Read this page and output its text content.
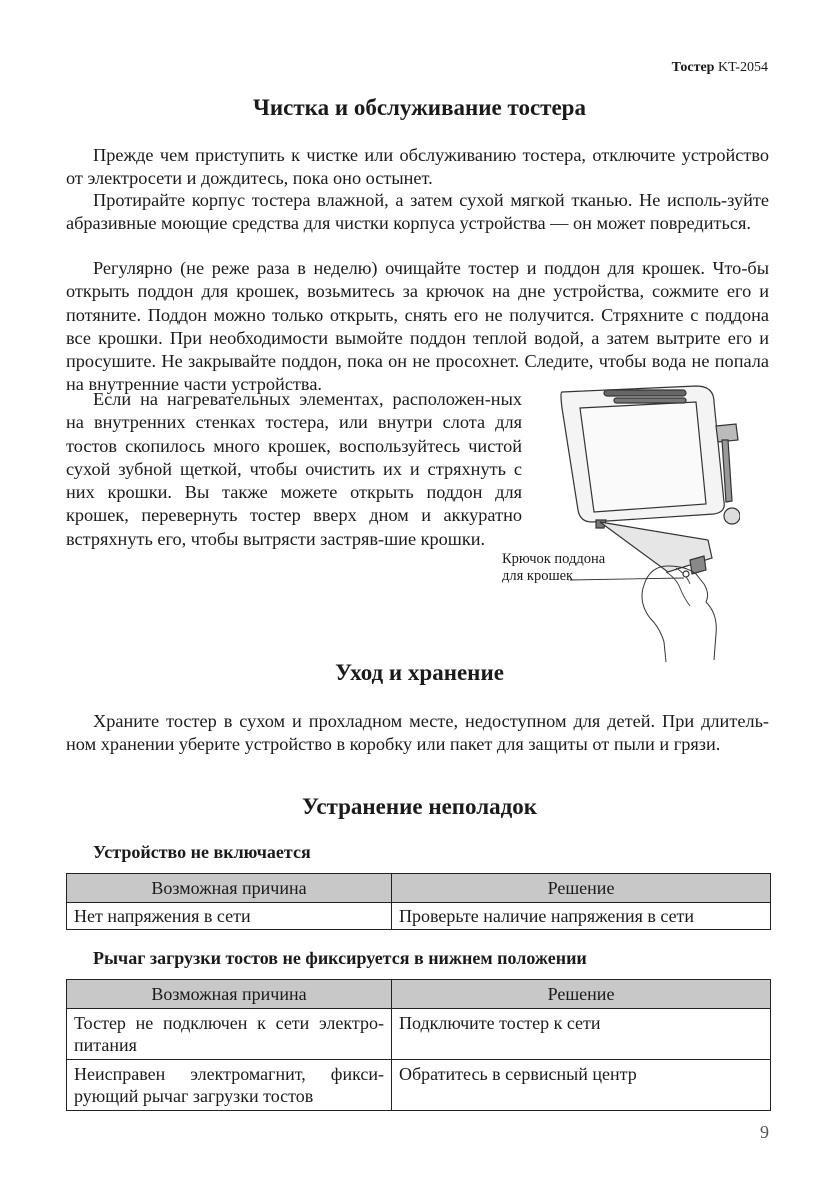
Тостер KT-2054
Чистка и обслуживание тостера

Прежде чем приступить к чистке или обслуживанию тостера, отключите устройство от электросети и дождитесь, пока оно остынет.

Протирайте корпус тостера влажной, а затем сухой мягкой тканью. Не исполь-зуйте абразивные моющие средства для чистки корпуса устройства — он может повредиться.

Регулярно (не реже раза в неделю) очищайте тостер и поддон для крошек. Что-бы открыть поддон для крошек, возьмитесь за крючок на дне устройства, сожмите его и потяните. Поддон можно только открыть, снять его не получится. Стряхните с поддона все крошки. При необходимости вымойте поддон теплой водой, а затем вытрите его и просушите. Не закрывайте поддон, пока он не просохнет. Следите, чтобы вода не попала на внутренние части устройства.

Если на нагревательных элементах, расположен-ных на внутренних стенках тостера, или внутри слота для тостов скопилось много крошек, воспользуйтесь чистой сухой зубной щеткой, чтобы очистить их и стряхнуть с них крошки. Вы также можете открыть поддон для крошек, перевернуть тостер вверх дном и аккуратно встряхнуть его, чтобы вытрясти застряв-шие крошки.

Крючок поддона
для крошек
Уход и хранение

Храните тостер в сухом и прохладном месте, недоступном для детей. При длитель-ном хранении уберите устройство в коробку или пакет для защиты от пыли и грязи.

Устранение неполадок

Устройство не включается

Возможная причина	Решение
Нет напряжения в сети	Проверьте наличие напряжения в сети

Рычаг загрузки тостов не фиксируется в нижнем положении

Возможная причина	Решение
Тостер не подключен к сети электро-питания	Подключите тостер к сети
Неисправен электромагнит, фикси-рующий рычаг загрузки тостов	Обратитесь в сервисный центр
9
